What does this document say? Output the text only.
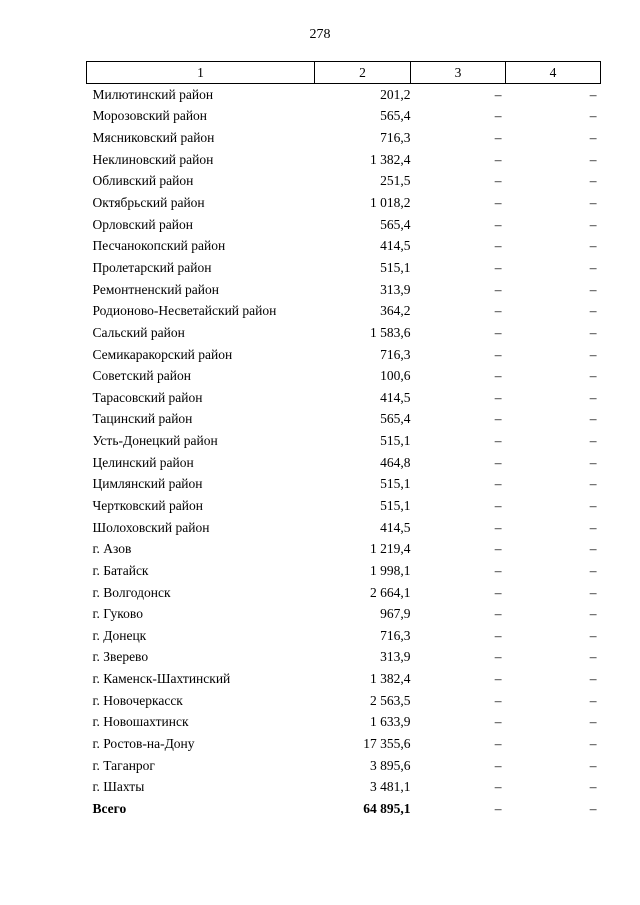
278
1	2	3	4
Милютинский район	201,2	–	–
Морозовский район	565,4	–	–
Мясниковский район	716,3	–	–
Неклиновский район	1 382,4	–	–
Обливский район	251,5	–	–
Октябрьский район	1 018,2	–	–
Орловский район	565,4	–	–
Песчанокопский район	414,5	–	–
Пролетарский район	515,1	–	–
Ремонтненский район	313,9	–	–
Родионово-Несветайский район	364,2	–	–
Сальский район	1 583,6	–	–
Семикаракорский район	716,3	–	–
Советский район	100,6	–	–
Тарасовский район	414,5	–	–
Тацинский район	565,4	–	–
Усть-Донецкий район	515,1	–	–
Целинский район	464,8	–	–
Цимлянский район	515,1	–	–
Чертковский район	515,1	–	–
Шолоховский район	414,5	–	–
г. Азов	1 219,4	–	–
г. Батайск	1 998,1	–	–
г. Волгодонск	2 664,1	–	–
г. Гуково	967,9	–	–
г. Донецк	716,3	–	–
г. Зверево	313,9	–	–
г. Каменск-Шахтинский	1 382,4	–	–
г. Новочеркасск	2 563,5	–	–
г. Новошахтинск	1 633,9	–	–
г. Ростов-на-Дону	17 355,6	–	–
г. Таганрог	3 895,6	–	–
г. Шахты	3 481,1	–	–
Всего	64 895,1	–	–
